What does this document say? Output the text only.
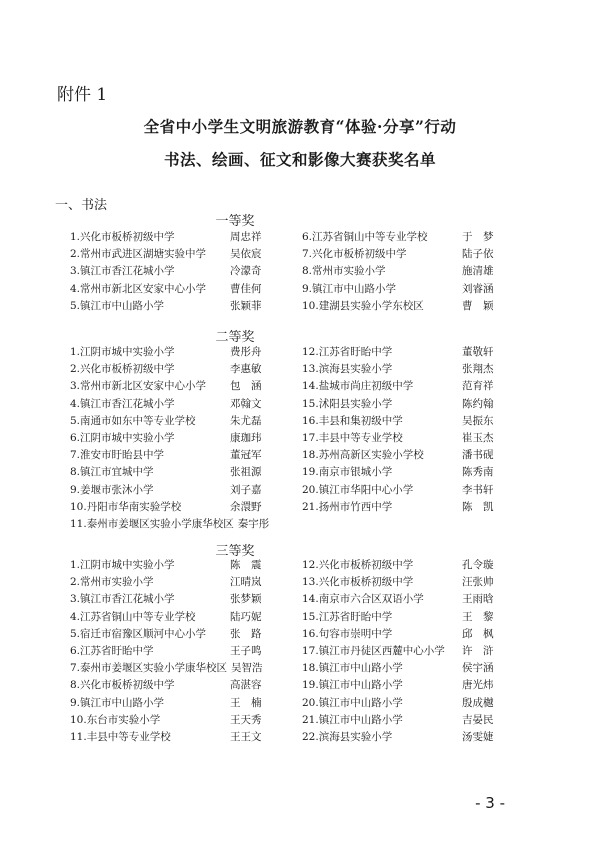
附件 1
全省中小学生文明旅游教育“体验·分享”行动
书法、绘画、征文和影像大赛获奖名单
一、书法
一等奖
1.兴化市板桥初级中学	周忠祥
2.常州市武进区湖塘实验中学	吴依宸
3.镇江市香江花城小学	冷濛奇
4.常州市新北区安家中心小学	曹佳何
5.镇江市中山路小学	张颖菲
6.江苏省铜山中等专业学校	于　梦
7.兴化市板桥初级中学	陆子依
8.常州市实验小学	施清雄
9.镇江市中山路小学	刘睿涵
10.建湖县实验小学东校区	曹　颖
二等奖
1.江阴市城中实验小学	费彤舟
2.兴化市板桥初级中学	李惠敏
3.常州市新北区安家中心小学	包　涵
4.镇江市香江花城小学	邓翰文
5.南通市如东中等专业学校	朱尤磊
6.江阴市城中实验小学	康珈玮
7.淮安市盱眙县中学	董冠军
8.镇江市宜城中学	张祖源
9.姜堰市张沐小学	刘子嘉
10.丹阳市华南实验学校	余澴野
11.泰州市姜堰区实验小学康华校区 秦宇彤
12.江苏省盱眙中学	董敬轩
13.滨海县实验小学	张翔杰
14.盐城市尚庄初级中学	范育祥
15.沭阳县实验小学	陈约翰
16.丰县和集初级中学	吴振东
17.丰县中等专业学校	崔玉杰
18.苏州高新区实验小学校	潘书砚
19.南京市银城小学	陈秀南
20.镇江市华阳中心小学	李书轩
21.扬州市竹西中学	陈　凯
三等奖
1.江阴市城中实验小学	陈　震
2.常州市实验小学	江晴岚
3.镇江市香江花城小学	张梦颖
4.江苏省铜山中等专业学校	陆巧妮
5.宿迁市宿豫区顺河中心小学	张　路
6.江苏省盱眙中学	王子鸣
7.泰州市姜堰区实验小学康华校区 吴智浩
8.兴化市板桥初级中学	高湛容
9.镇江市中山路小学	王　楠
10.东台市实验小学	王天秀
11.丰县中等专业学校	王王文
12.兴化市板桥初级中学	孔令璇
13.兴化市板桥初级中学	汪张帅
14.南京市六合区双语小学	王雨晗
15.江苏省盱眙中学	王　黎
16.句容市崇明中学	邱　枫
17.镇江市丹徒区西麓中心小学	许　浒
18.镇江市中山路小学	侯宇涵
19.镇江市中山路小学	唐光炜
20.镇江市中山路小学	殷成樾
21.镇江市中山路小学	吉晏民
22.滨海县实验小学	汤雯婕
- 3 -
